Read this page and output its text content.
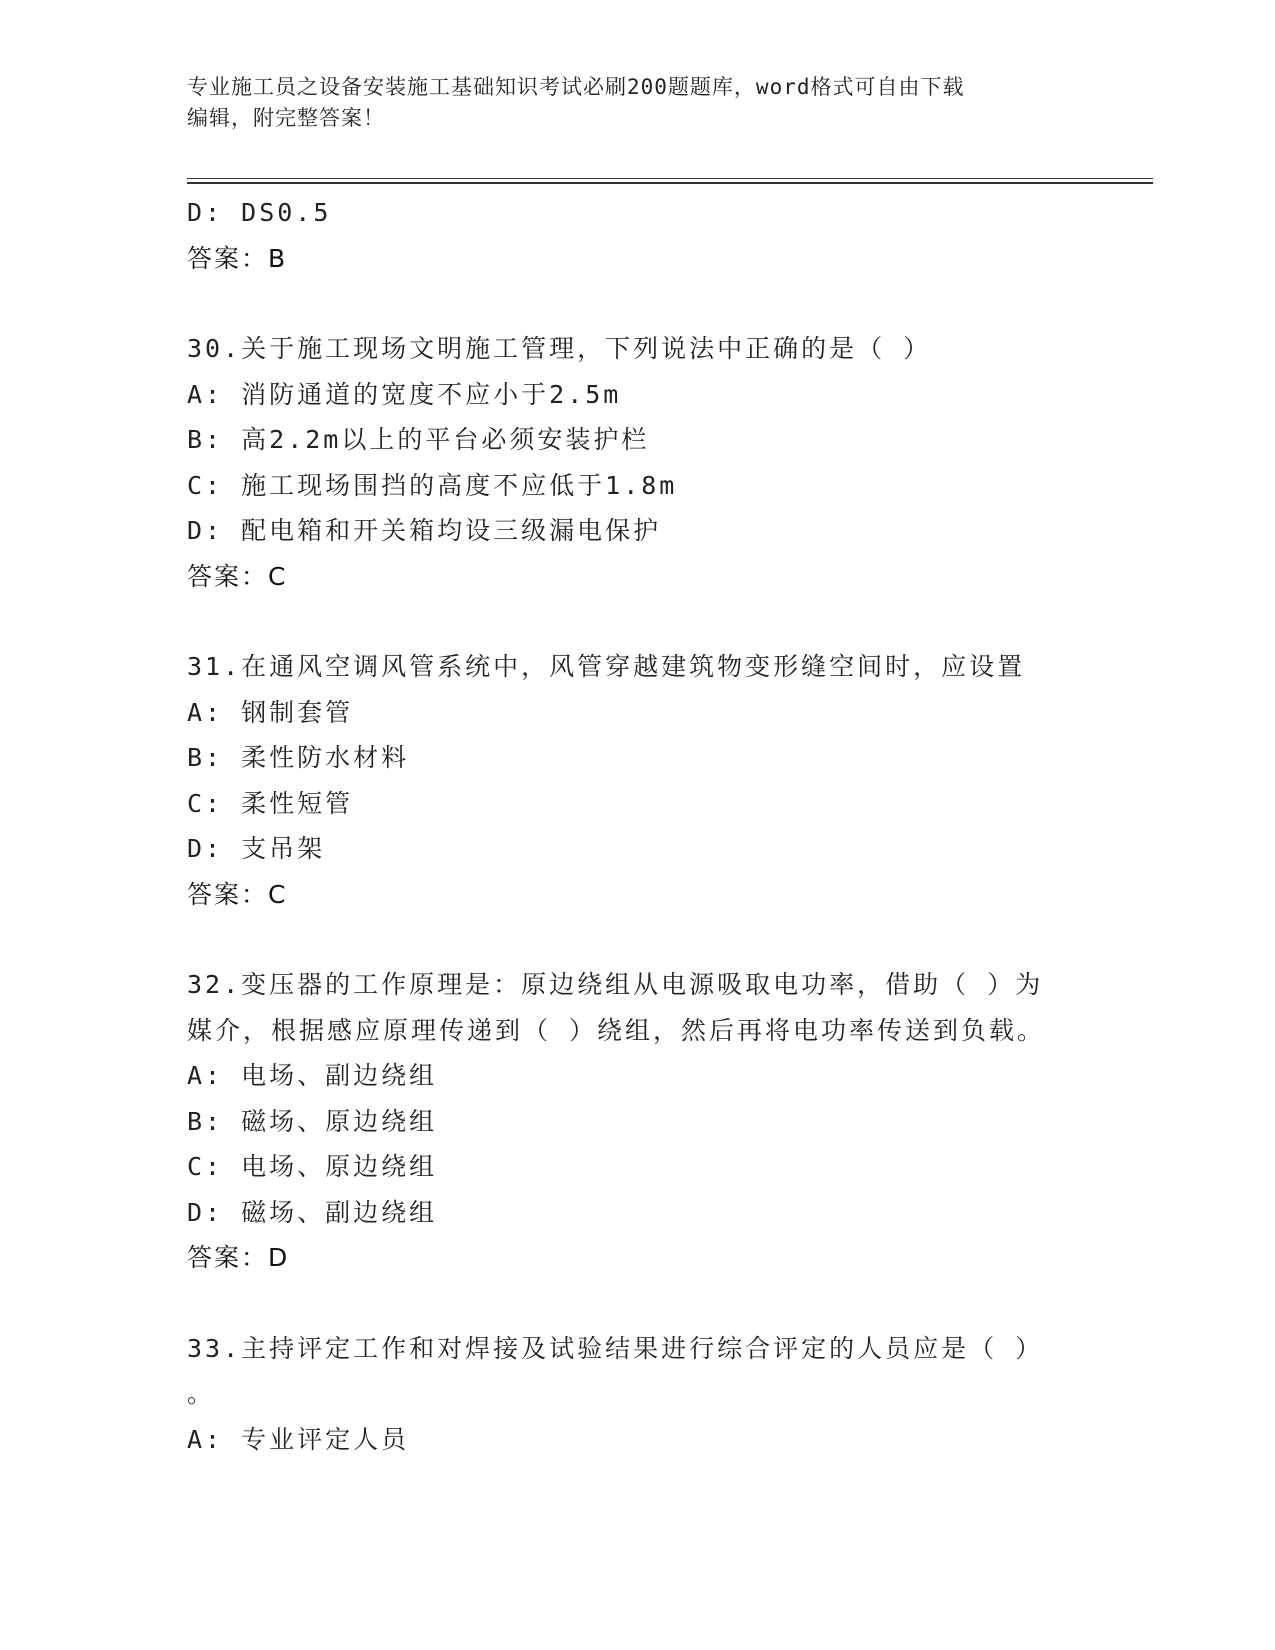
专业施工员之设备安装施工基础知识考试必刷200题题库，word格式可自由下载
编辑，附完整答案！
D: DS0.5
答案：B
30.关于施工现场文明施工管理，下列说法中正确的是（ ）
A: 消防通道的宽度不应小于2.5m
B: 高2.2m以上的平台必须安装护栏
C: 施工现场围挡的高度不应低于1.8m
D: 配电箱和开关箱均设三级漏电保护
答案：C
31.在通风空调风管系统中，风管穿越建筑物变形缝空间时，应设置
A: 钢制套管
B: 柔性防水材料
C: 柔性短管
D: 支吊架
答案：C
32.变压器的工作原理是：原边绕组从电源吸取电功率，借助（ ）为
媒介，根据感应原理传递到（ ）绕组，然后再将电功率传送到负载。
A: 电场、副边绕组
B: 磁场、原边绕组
C: 电场、原边绕组
D: 磁场、副边绕组
答案：D
33.主持评定工作和对焊接及试验结果进行综合评定的人员应是（ ）
。
A: 专业评定人员
